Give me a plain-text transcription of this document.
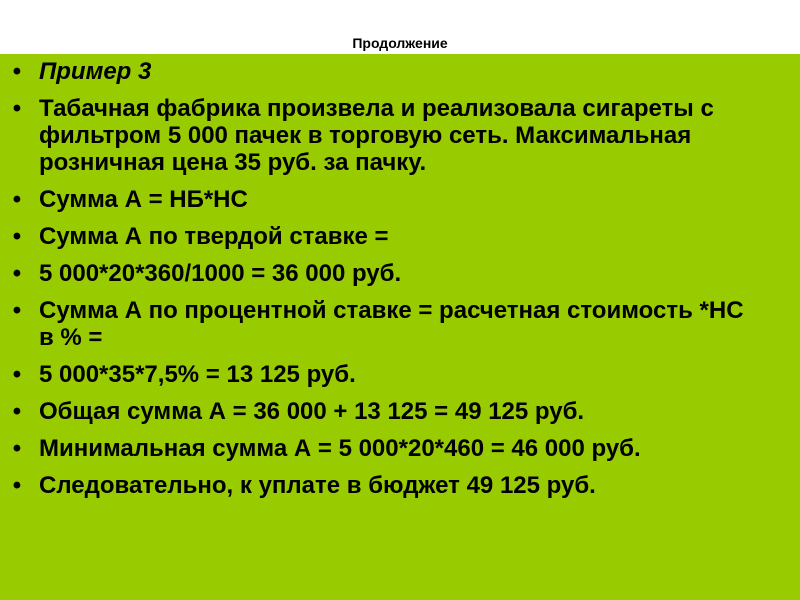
Продолжение
• Пример 3
• Табачная фабрика произвела и реализовала сигареты с фильтром 5 000 пачек в торговую сеть. Максимальная розничная цена 35 руб. за пачку.
• Сумма А = НБ*НС
• Сумма А по твердой ставке =
• 5 000*20*360/1000 = 36 000 руб.
• Сумма А по процентной ставке = расчетная стоимость *НС в % =
• 5 000*35*7,5% = 13 125 руб.
• Общая сумма А = 36 000 + 13 125 = 49 125 руб.
• Минимальная сумма А = 5 000*20*460 = 46 000 руб.
• Следовательно, к уплате в бюджет 49 125 руб.
